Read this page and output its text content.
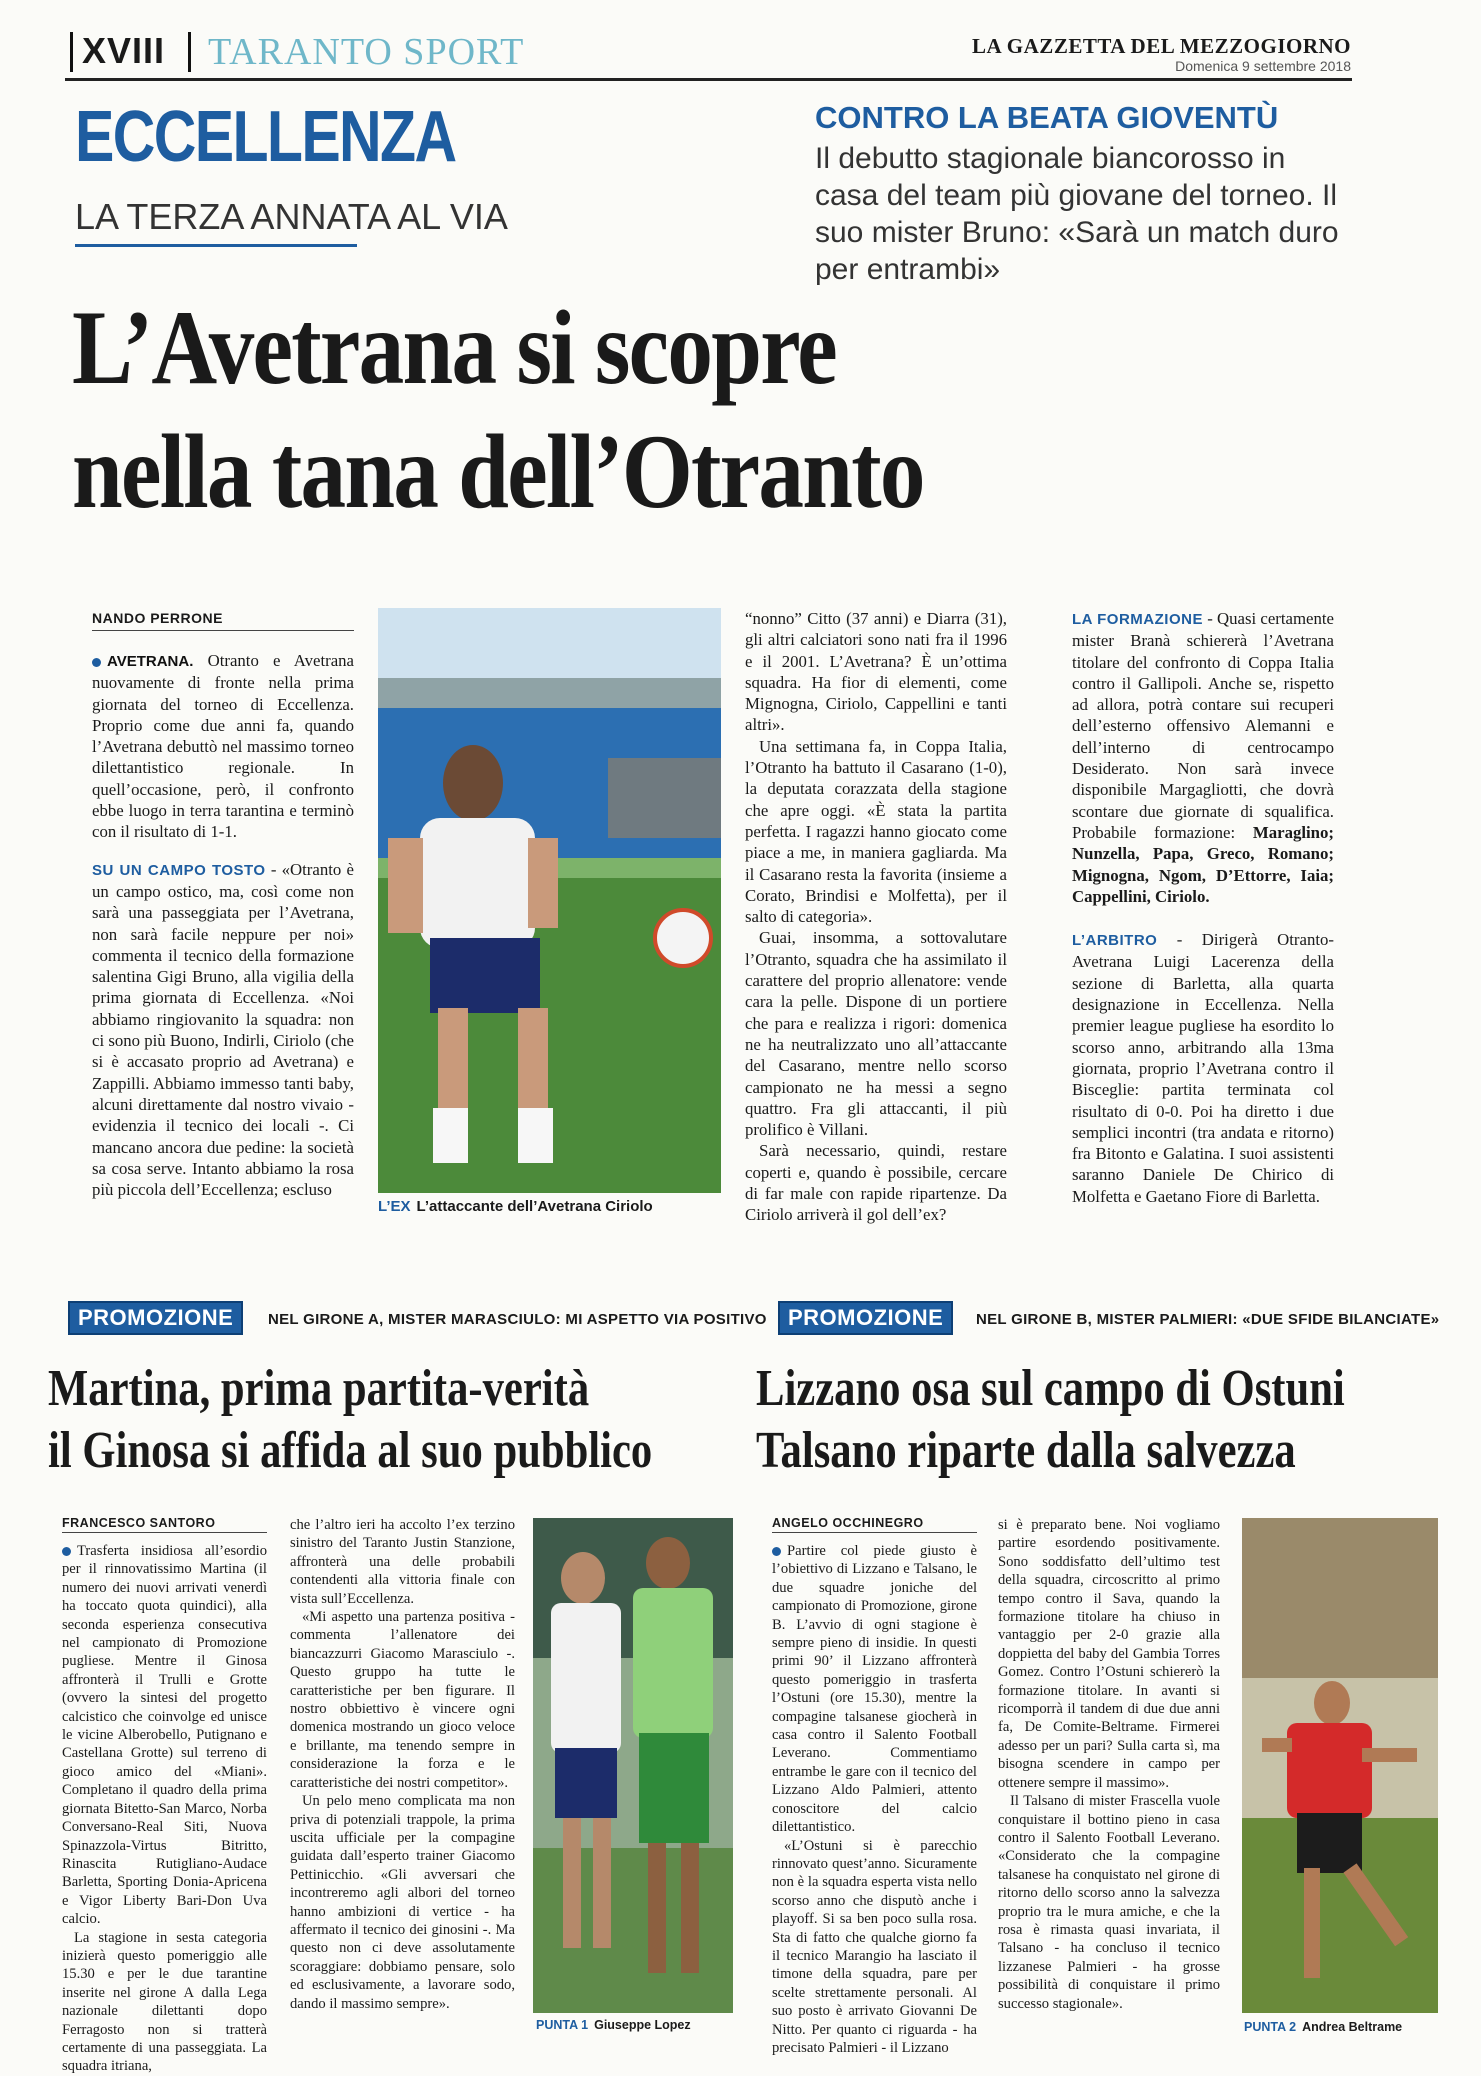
XVIII TARANTO SPORT	LA GAZZETTA DEL MEZZOGIORNO
Domenica 9 settembre 2018
ECCELLENZA
LA TERZA ANNATA AL VIA
CONTRO LA BEATA GIOVENTÙ
Il debutto stagionale biancorosso in casa del team più giovane del torneo. Il suo mister Bruno: «Sarà un match duro per entrambi»
L’Avetrana si scopre
nella tana dell’Otranto
NANDO PERRONE

AVETRANA. Otranto e Avetrana nuovamente di fronte nella prima giornata del torneo di Eccellenza. Proprio come due anni fa, quando l’Avetrana debuttò nel massimo torneo dilettantistico regionale. In quell’occasione, però, il confronto ebbe luogo in terra tarantina e terminò con il risultato di 1-1.

SU UN CAMPO TOSTO - «Otranto è un campo ostico, ma, così come non sarà una passeggiata per l’Avetrana, non sarà facile neppure per noi» commenta il tecnico della formazione salentina Gigi Bruno, alla vigilia della prima giornata di Eccellenza. «Noi abbiamo ringiovanito la squadra: non ci sono più Buono, Indirli, Ciriolo (che si è accasato proprio ad Avetrana) e Zappilli. Abbiamo immesso tanti baby, alcuni direttamente dal nostro vivaio - evidenzia il tecnico dei locali -. Ci mancano ancora due pedine: la società sa cosa serve. Intanto abbiamo la rosa più piccola dell’Eccellenza; escluso

L’EX L’attaccante dell’Avetrana Ciriolo

“nonno” Citto (37 anni) e Diarra (31), gli altri calciatori sono nati fra il 1996 e il 2001. L’Avetrana? È un’ottima squadra. Ha fior di elementi, come Mignogna, Ciriolo, Cappellini e tanti altri».

Una settimana fa, in Coppa Italia, l’Otranto ha battuto il Casarano (1-0), la deputata corazzata della stagione che apre oggi. «È stata la partita perfetta. I ragazzi hanno giocato come piace a me, in maniera gagliarda. Ma il Casarano resta la favorita (insieme a Corato, Brindisi e Molfetta), per il salto di categoria».

Guai, insomma, a sottovalutare l’Otranto, squadra che ha assimilato il carattere del proprio allenatore: vende cara la pelle. Dispone di un portiere che para e realizza i rigori: domenica ne ha neutralizzato uno all’attaccante del Casarano, mentre nello scorso campionato ne ha messi a segno quattro. Fra gli attaccanti, il più prolifico è Villani.

Sarà necessario, quindi, restare coperti e, quando è possibile, cercare di far male con rapide ripartenze. Da Ciriolo arriverà il gol dell’ex?

LA FORMAZIONE - Quasi certamente mister Branà schiererà l’Avetrana titolare del confronto di Coppa Italia contro il Gallipoli. Anche se, rispetto ad allora, potrà contare sui recuperi dell’esterno offensivo Alemanni e dell’interno di centrocampo Desiderato. Non sarà invece disponibile Margagliotti, che dovrà scontare due giornate di squalifica. Probabile formazione: Maraglino; Nunzella, Papa, Greco, Romano; Mignogna, Ngom, D’Ettorre, Iaia; Cappellini, Ciriolo.

L’ARBITRO - Dirigerà Otranto-Avetrana Luigi Lacerenza della sezione di Barletta, alla quarta designazione in Eccellenza. Nella premier league pugliese ha esordito lo scorso anno, arbitrando alla 13ma giornata, proprio l’Avetrana contro il Bisceglie: partita terminata col risultato di 0-0. Poi ha diretto i due semplici incontri (tra andata e ritorno) fra Bitonto e Galatina. I suoi assistenti saranno Daniele De Chirico di Molfetta e Gaetano Fiore di Barletta.

PROMOZIONE	NEL GIRONE A, MISTER MARASCIULO: MI ASPETTO VIA POSITIVO
Martina, prima partita-verità
il Ginosa si affida al suo pubblico
FRANCESCO SANTORO

Trasferta insidiosa all’esordio per il rinnovatissimo Martina (il numero dei nuovi arrivati venerdì ha toccato quota quindici), alla seconda esperienza consecutiva nel campionato di Promozione pugliese. Mentre il Ginosa affronterà il Trulli e Grotte (ovvero la sintesi del progetto calcistico che coinvolge ed unisce le vicine Alberobello, Putignano e Castellana Grotte) sul terreno di gioco amico del «Miani». Completano il quadro della prima giornata Bitetto-San Marco, Norba Conversano-Real Siti, Nuova Spinazzola-Virtus Bitritto, Rinascita Rutigliano-Audace Barletta, Sporting Donia-Apricena e Vigor Liberty Bari-Don Uva calcio.

La stagione in sesta categoria inizierà questo pomeriggio alle 15.30 e per le due tarantine inserite nel girone A dalla Lega nazionale dilettanti dopo Ferragosto non si tratterà certamente di una passeggiata. La squadra itriana,

che l’altro ieri ha accolto l’ex terzino sinistro del Taranto Justin Stanzione, affronterà una delle probabili contendenti alla vittoria finale con vista sull’Eccellenza.

«Mi aspetto una partenza positiva - commenta l’allenatore dei biancazzurri Giacomo Marasciulo -. Questo gruppo ha tutte le caratteristiche per ben figurare. Il nostro obbiettivo è vincere ogni domenica mostrando un gioco veloce e brillante, ma tenendo sempre in considerazione la forza e le caratteristiche dei nostri competitor».

Un pelo meno complicata ma non priva di potenziali trappole, la prima uscita ufficiale per la compagine guidata dall’esperto trainer Giacomo Pettinicchio. «Gli avversari che incontreremo agli albori del torneo hanno ambizioni di vertice - ha affermato il tecnico dei ginosini -. Ma questo non ci deve assolutamente scoraggiare: dobbiamo pensare, solo ed esclusivamente, a lavorare sodo, dando il massimo sempre».

PUNTA 1 Giuseppe Lopez
PROMOZIONE	NEL GIRONE B, MISTER PALMIERI: «DUE SFIDE BILANCIATE»
Lizzano osa sul campo di Ostuni
Talsano riparte dalla salvezza
ANGELO OCCHINEGRO

Partire col piede giusto è l’obiettivo di Lizzano e Talsano, le due squadre joniche del campionato di Promozione, girone B. L’avvio di ogni stagione è sempre pieno di insidie. In questi primi 90’ il Lizzano affronterà questo pomeriggio in trasferta l’Ostuni (ore 15.30), mentre la compagine talsanese giocherà in casa contro il Salento Football Leverano. Commentiamo entrambe le gare con il tecnico del Lizzano Aldo Palmieri, attento conoscitore del calcio dilettantistico.

«L’Ostuni si è parecchio rinnovato quest’anno. Sicuramente non è la squadra esperta vista nello scorso anno che disputò anche i playoff. Si sa ben poco sulla rosa. Sta di fatto che qualche giorno fa il tecnico Marangio ha lasciato il timone della squadra, pare per scelte strettamente personali. Al suo posto è arrivato Giovanni De Nitto. Per quanto ci riguarda - ha precisato Palmieri - il Lizzano

si è preparato bene. Noi vogliamo partire esordendo positivamente. Sono soddisfatto dell’ultimo test della squadra, circoscritto al primo tempo contro il Sava, quando la formazione titolare ha chiuso in vantaggio per 2-0 grazie alla doppietta del baby del Gambia Torres Gomez. Contro l’Ostuni schiererò la formazione titolare. In avanti si ricomporrà il tandem di due due anni fa, De Comite-Beltrame. Firmerei adesso per un pari? Sulla carta sì, ma bisogna scendere in campo per ottenere sempre il massimo».

Il Talsano di mister Frascella vuole conquistare il bottino pieno in casa contro il Salento Football Leverano. «Considerato che la compagine talsanese ha conquistato nel girone di ritorno dello scorso anno la salvezza proprio tra le mura amiche, e che la rosa è rimasta quasi invariata, il Talsano - ha concluso il tecnico lizzanese Palmieri - ha grosse possibilità di conquistare il primo successo stagionale».

PUNTA 2 Andrea Beltrame
